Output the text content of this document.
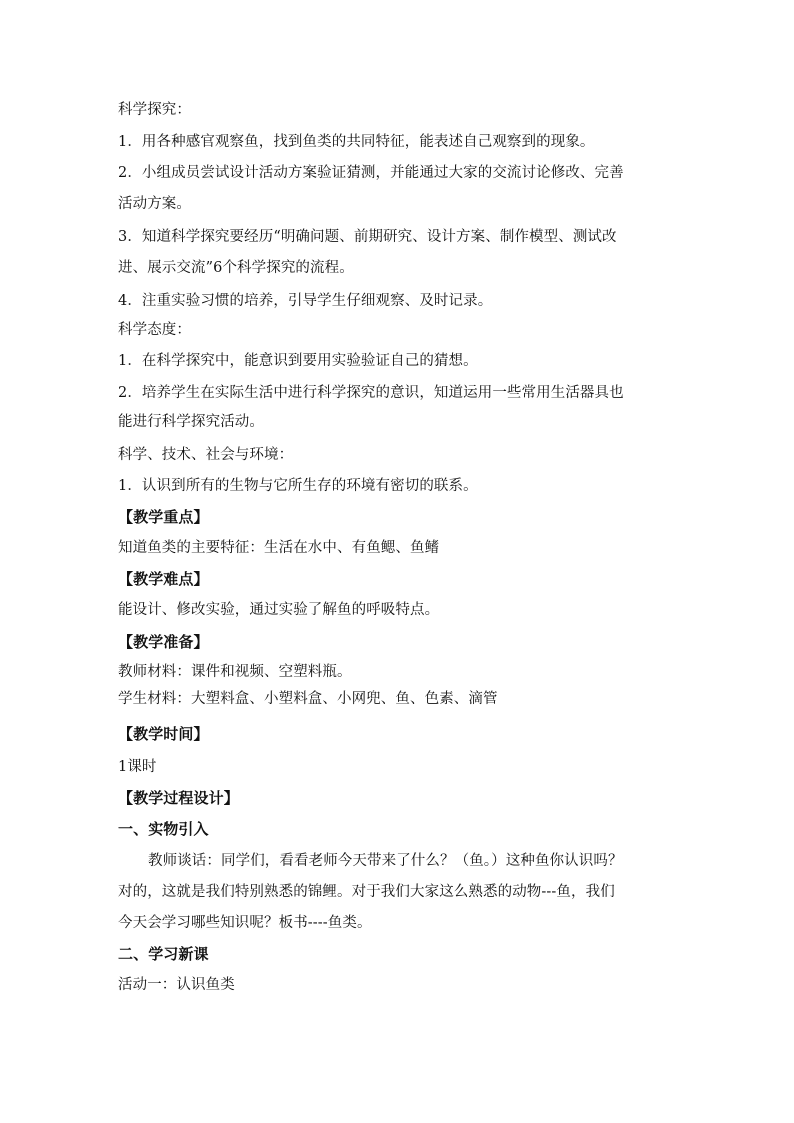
科学探究：
1．用各种感官观察鱼，找到鱼类的共同特征，能表述自己观察到的现象。
2．小组成员尝试设计活动方案验证猜测，并能通过大家的交流讨论修改、完善
活动方案。
3．知道科学探究要经历“明确问题、前期研究、设计方案、制作模型、测试改
进、展示交流”6个科学探究的流程。
4．注重实验习惯的培养，引导学生仔细观察、及时记录。
科学态度：
1．在科学探究中，能意识到要用实验验证自己的猜想。
2．培养学生在实际生活中进行科学探究的意识，知道运用一些常用生活器具也
能进行科学探究活动。
科学、技术、社会与环境：
1．认识到所有的生物与它所生存的环境有密切的联系。
【教学重点】
知道鱼类的主要特征：生活在水中、有鱼鳃、鱼鳍
【教学难点】
能设计、修改实验，通过实验了解鱼的呼吸特点。
【教学准备】
教师材料：课件和视频、空塑料瓶。
学生材料：大塑料盒、小塑料盒、小网兜、鱼、色素、滴管
【教学时间】
1课时
【教学过程设计】
一、实物引入
教师谈话：同学们，看看老师今天带来了什么？（鱼。）这种鱼你认识吗？
对的，这就是我们特别熟悉的锦鲤。对于我们大家这么熟悉的动物---鱼，我们
今天会学习哪些知识呢？板书----鱼类。
二、学习新课
活动一：认识鱼类
